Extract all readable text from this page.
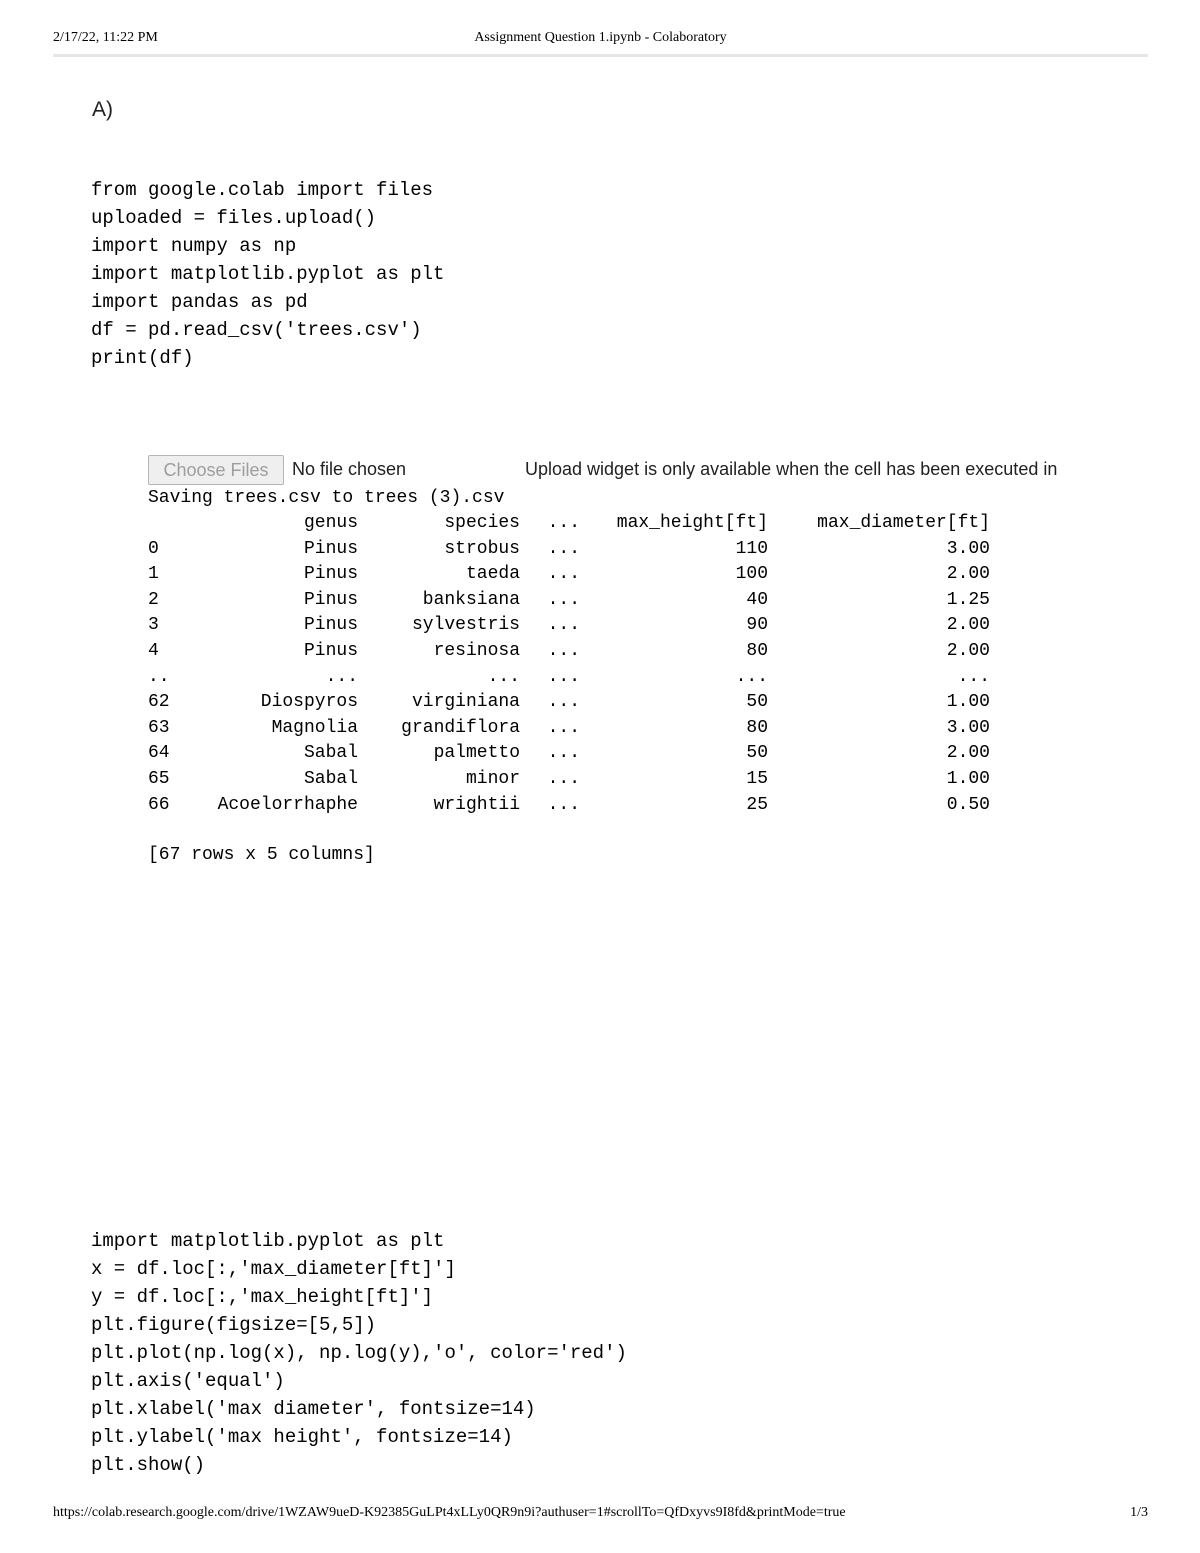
2/17/22, 11:22 PM	Assignment Question 1.ipynb - Colaboratory
A)
from google.colab import files
uploaded = files.upload()
import numpy as np
import matplotlib.pyplot as plt
import pandas as pd
df = pd.read_csv('trees.csv')
print(df)
Choose Files	No file chosen	Upload widget is only available when the cell has been executed in
Saving trees.csv to trees (3).csv
	genus	species	...	max_height[ft]	max_diameter[ft]
0	Pinus	strobus	...	110	3.00
1	Pinus	taeda	...	100	2.00
2	Pinus	banksiana	...	40	1.25
3	Pinus	sylvestris	...	90	2.00
4	Pinus	resinosa	...	80	2.00
..	...	...	...	...	...
62	Diospyros	virginiana	...	50	1.00
63	Magnolia	grandiflora	...	80	3.00
64	Sabal	palmetto	...	50	2.00
65	Sabal	minor	...	15	1.00
66	Acoelorrhaphe	wrightii	...	25	0.50
[67 rows x 5 columns]
import matplotlib.pyplot as plt
x = df.loc[:,'max_diameter[ft]']
y = df.loc[:,'max_height[ft]']
plt.figure(figsize=[5,5])
plt.plot(np.log(x), np.log(y),'o', color='red')
plt.axis('equal')
plt.xlabel('max diameter', fontsize=14)
plt.ylabel('max height', fontsize=14)
plt.show()
https://colab.research.google.com/drive/1WZAW9ueD-K92385GuLPt4xLLy0QR9n9i?authuser=1#scrollTo=QfDxyvs9I8fd&printMode=true	1/3
